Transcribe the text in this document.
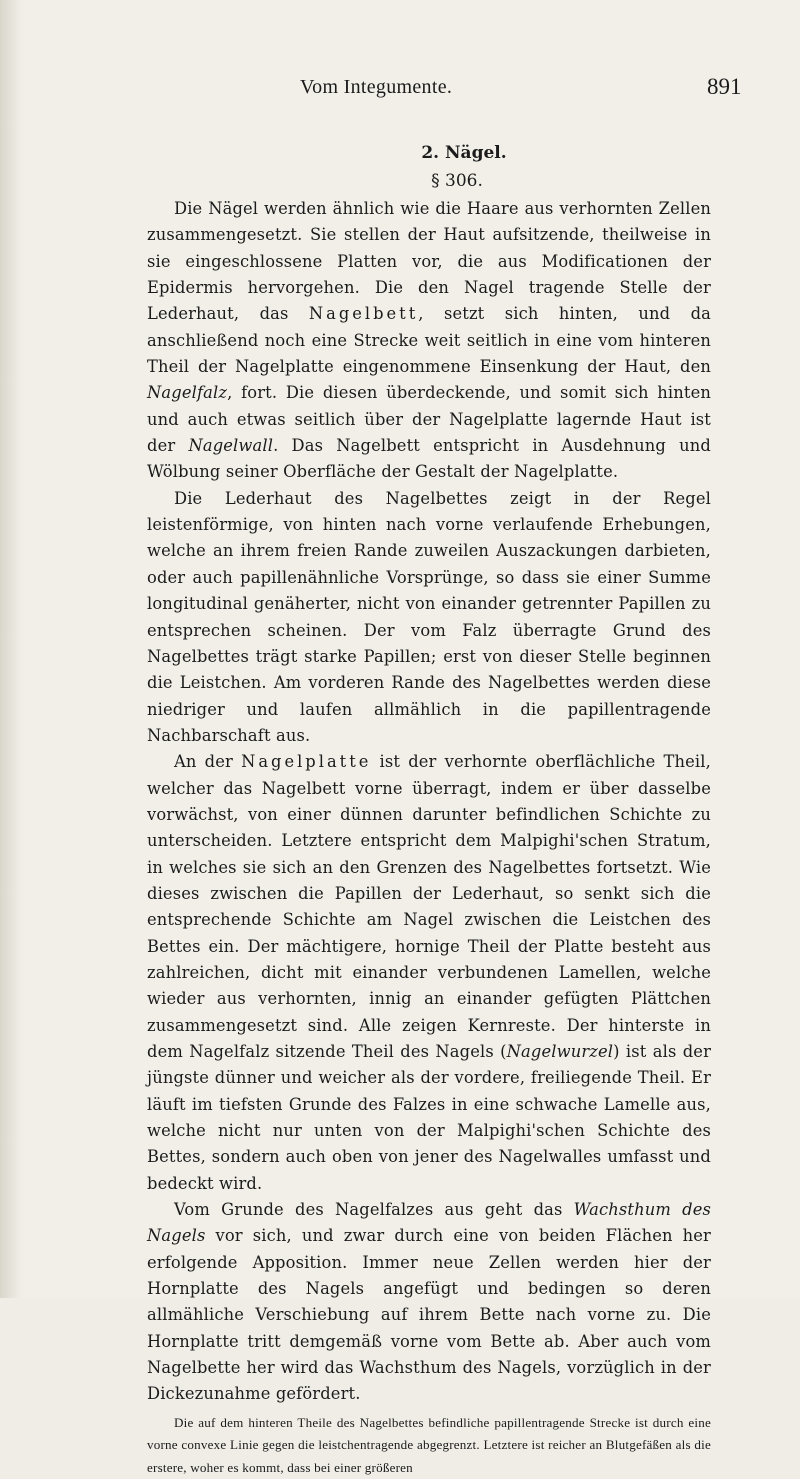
Vom Integumente.	891

2. Nägel.

§ 306.

Die Nägel werden ähnlich wie die Haare aus verhornten Zellen zusammengesetzt. Sie stellen der Haut aufsitzende, theilweise in sie eingeschlossene Platten vor, die aus Modificationen der Epidermis hervorgehen. Die den Nagel tragende Stelle der Lederhaut, das Nagelbett, setzt sich hinten, und da anschließend noch eine Strecke weit seitlich in eine vom hinteren Theil der Nagelplatte eingenommene Einsenkung der Haut, den Nagelfalz, fort. Die diesen überdeckende, und somit sich hinten und auch etwas seitlich über der Nagelplatte lagernde Haut ist der Nagelwall. Das Nagelbett entspricht in Ausdehnung und Wölbung seiner Oberfläche der Gestalt der Nagelplatte.

Die Lederhaut des Nagelbettes zeigt in der Regel leistenförmige, von hinten nach vorne verlaufende Erhebungen, welche an ihrem freien Rande zuweilen Auszackungen darbieten, oder auch papillenähnliche Vorsprünge, so dass sie einer Summe longitudinal genäherter, nicht von einander getrennter Papillen zu entsprechen scheinen. Der vom Falz überragte Grund des Nagelbettes trägt starke Papillen; erst von dieser Stelle beginnen die Leistchen. Am vorderen Rande des Nagelbettes werden diese niedriger und laufen allmählich in die papillentragende Nachbarschaft aus.

An der Nagelplatte ist der verhornte oberflächliche Theil, welcher das Nagelbett vorne überragt, indem er über dasselbe vorwächst, von einer dünnen darunter befindlichen Schichte zu unterscheiden. Letztere entspricht dem Malpighi'schen Stratum, in welches sie sich an den Grenzen des Nagelbettes fortsetzt. Wie dieses zwischen die Papillen der Lederhaut, so senkt sich die entsprechende Schichte am Nagel zwischen die Leistchen des Bettes ein. Der mächtigere, hornige Theil der Platte besteht aus zahlreichen, dicht mit einander verbundenen Lamellen, welche wieder aus verhornten, innig an einander gefügten Plättchen zusammengesetzt sind. Alle zeigen Kernreste. Der hinterste in dem Nagelfalz sitzende Theil des Nagels (Nagelwurzel) ist als der jüngste dünner und weicher als der vordere, freiliegende Theil. Er läuft im tiefsten Grunde des Falzes in eine schwache Lamelle aus, welche nicht nur unten von der Malpighi'schen Schichte des Bettes, sondern auch oben von jener des Nagelwalles umfasst und bedeckt wird.

Vom Grunde des Nagelfalzes aus geht das Wachsthum des Nagels vor sich, und zwar durch eine von beiden Flächen her erfolgende Apposition. Immer neue Zellen werden hier der Hornplatte des Nagels angefügt und bedingen so deren allmähliche Verschiebung auf ihrem Bette nach vorne zu. Die Hornplatte tritt demgemäß vorne vom Bette ab. Aber auch vom Nagelbette her wird das Wachsthum des Nagels, vorzüglich in der Dickezunahme gefördert.

Die auf dem hinteren Theile des Nagelbettes befindliche papillentragende Strecke ist durch eine vorne convexe Linie gegen die leistchentragende abgegrenzt. Letztere ist reicher an Blutgefäßen als die erstere, woher es kommt, dass bei einer größeren
